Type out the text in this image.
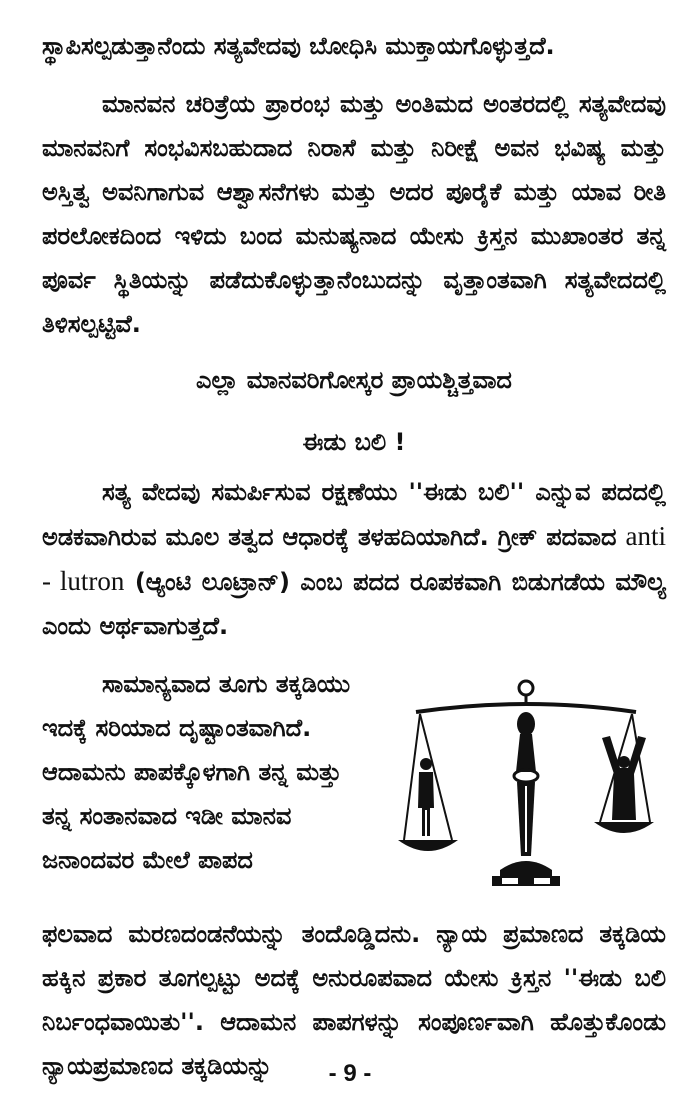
ಸ್ಥಾಪಿಸಲ್ಪಡುತ್ತಾನೆಂದು ಸತ್ಯವೇದವು ಬೋಧಿಸಿ ಮುಕ್ತಾಯಗೊಳ್ಳುತ್ತದೆ.

ಮಾನವನ ಚರಿತ್ರೆಯ ಪ್ರಾರಂಭ ಮತ್ತು ಅಂತಿಮದ ಅಂತರದಲ್ಲಿ ಸತ್ಯವೇದವು ಮಾನವನಿಗೆ ಸಂಭವಿಸಬಹುದಾದ ನಿರಾಸೆ ಮತ್ತು ನಿರೀಕ್ಷೆ ಅವನ ಭವಿಷ್ಯ ಮತ್ತು ಅಸ್ತಿತ್ವ ಅವನಿಗಾಗುವ ಆಶ್ವಾಸನೆಗಳು ಮತ್ತು ಅದರ ಪೂರೈಕೆ ಮತ್ತು ಯಾವ ರೀತಿ ಪರಲೋಕದಿಂದ ಇಳಿದು ಬಂದ ಮನುಷ್ಯನಾದ ಯೇಸು ಕ್ರಿಸ್ತನ ಮುಖಾಂತರ ತನ್ನ ಪೂರ್ವ ಸ್ಥಿತಿಯನ್ನು ಪಡೆದುಕೊಳ್ಳುತ್ತಾನೆಂಬುದನ್ನು ವೃತ್ತಾಂತವಾಗಿ ಸತ್ಯವೇದದಲ್ಲಿ ತಿಳಿಸಲ್ಪಟ್ಟಿವೆ.

ಎಲ್ಲಾ ಮಾನವರಿಗೋಸ್ಕರ ಪ್ರಾಯಶ್ಚಿತ್ತವಾದ
ಈಡು ಬಲಿ !

ಸತ್ಯ ವೇದವು ಸಮರ್ಪಿಸುವ ರಕ್ಷಣೆಯು ''ಈಡು ಬಲಿ'' ಎನ್ನುವ ಪದದಲ್ಲಿ ಅಡಕವಾಗಿರುವ ಮೂಲ ತತ್ವದ ಆಧಾರಕ್ಕೆ ತಳಹದಿಯಾಗಿದೆ. ಗ್ರೀಕ್ ಪದವಾದ anti - lutron (ಆ್ಯಂಟಿ ಲೂಟ್ರಾನ್) ಎಂಬ ಪದದ ರೂಪಕವಾಗಿ ಬಿಡುಗಡೆಯ ಮೌಲ್ಯ ಎಂದು ಅರ್ಥವಾಗುತ್ತದೆ.

ಸಾಮಾನ್ಯವಾದ ತೂಗು ತಕ್ಕಡಿಯು ಇದಕ್ಕೆ ಸರಿಯಾದ ದೃಷ್ಟಾಂತವಾಗಿದೆ. ಆದಾಮನು ಪಾಪಕ್ಕೊಳಗಾಗಿ ತನ್ನ ಮತ್ತು ತನ್ನ ಸಂತಾನವಾದ ಇಡೀ ಮಾನವ ಜನಾಂದವರ ಮೇಲೆ ಪಾಪದ

ಫಲವಾದ ಮರಣದಂಡನೆಯನ್ನು ತಂದೊಡ್ಡಿದನು. ನ್ಯಾಯ ಪ್ರಮಾಣದ ತಕ್ಕಡಿಯ ಹಕ್ಕಿನ ಪ್ರಕಾರ ತೂಗಲ್ಪಟ್ಟು ಅದಕ್ಕೆ ಅನುರೂಪವಾದ ಯೇಸು ಕ್ರಿಸ್ತನ ''ಈಡು ಬಲಿ ನಿರ್ಬಂಧವಾಯಿತು''. ಆದಾಮನ ಪಾಪಗಳನ್ನು ಸಂಪೂರ್ಣವಾಗಿ ಹೊತ್ತುಕೊಂಡು ನ್ಯಾಯಪ್ರಮಾಣದ ತಕ್ಕಡಿಯನ್ನು	- 9 -
